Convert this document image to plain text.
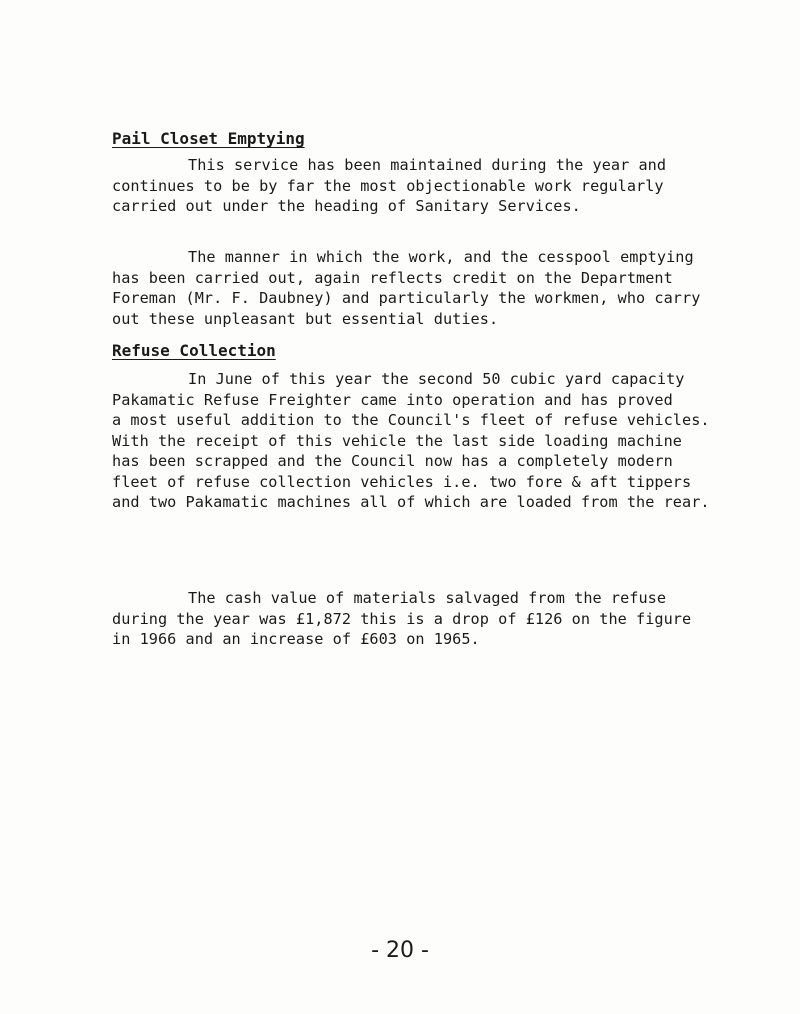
Pail Closet Emptying

This service has been maintained during the year and
continues to be by far the most objectionable work regularly
carried out under the heading of Sanitary Services.

The manner in which the work, and the cesspool emptying
has been carried out, again reflects credit on the Department
Foreman (Mr. F. Daubney) and particularly the workmen, who carry
out these unpleasant but essential duties.

Refuse Collection

In June of this year the second 50 cubic yard capacity
Pakamatic Refuse Freighter came into operation and has proved
a most useful addition to the Council's fleet of refuse vehicles.
With the receipt of this vehicle the last side loading machine
has been scrapped and the Council now has a completely modern
fleet of refuse collection vehicles i.e. two fore & aft tippers
and two Pakamatic machines all of which are loaded from the rear.

The cash value of materials salvaged from the refuse
during the year was £1,872 this is a drop of £126 on the figure
in 1966 and an increase of £603 on 1965.

- 20 -
